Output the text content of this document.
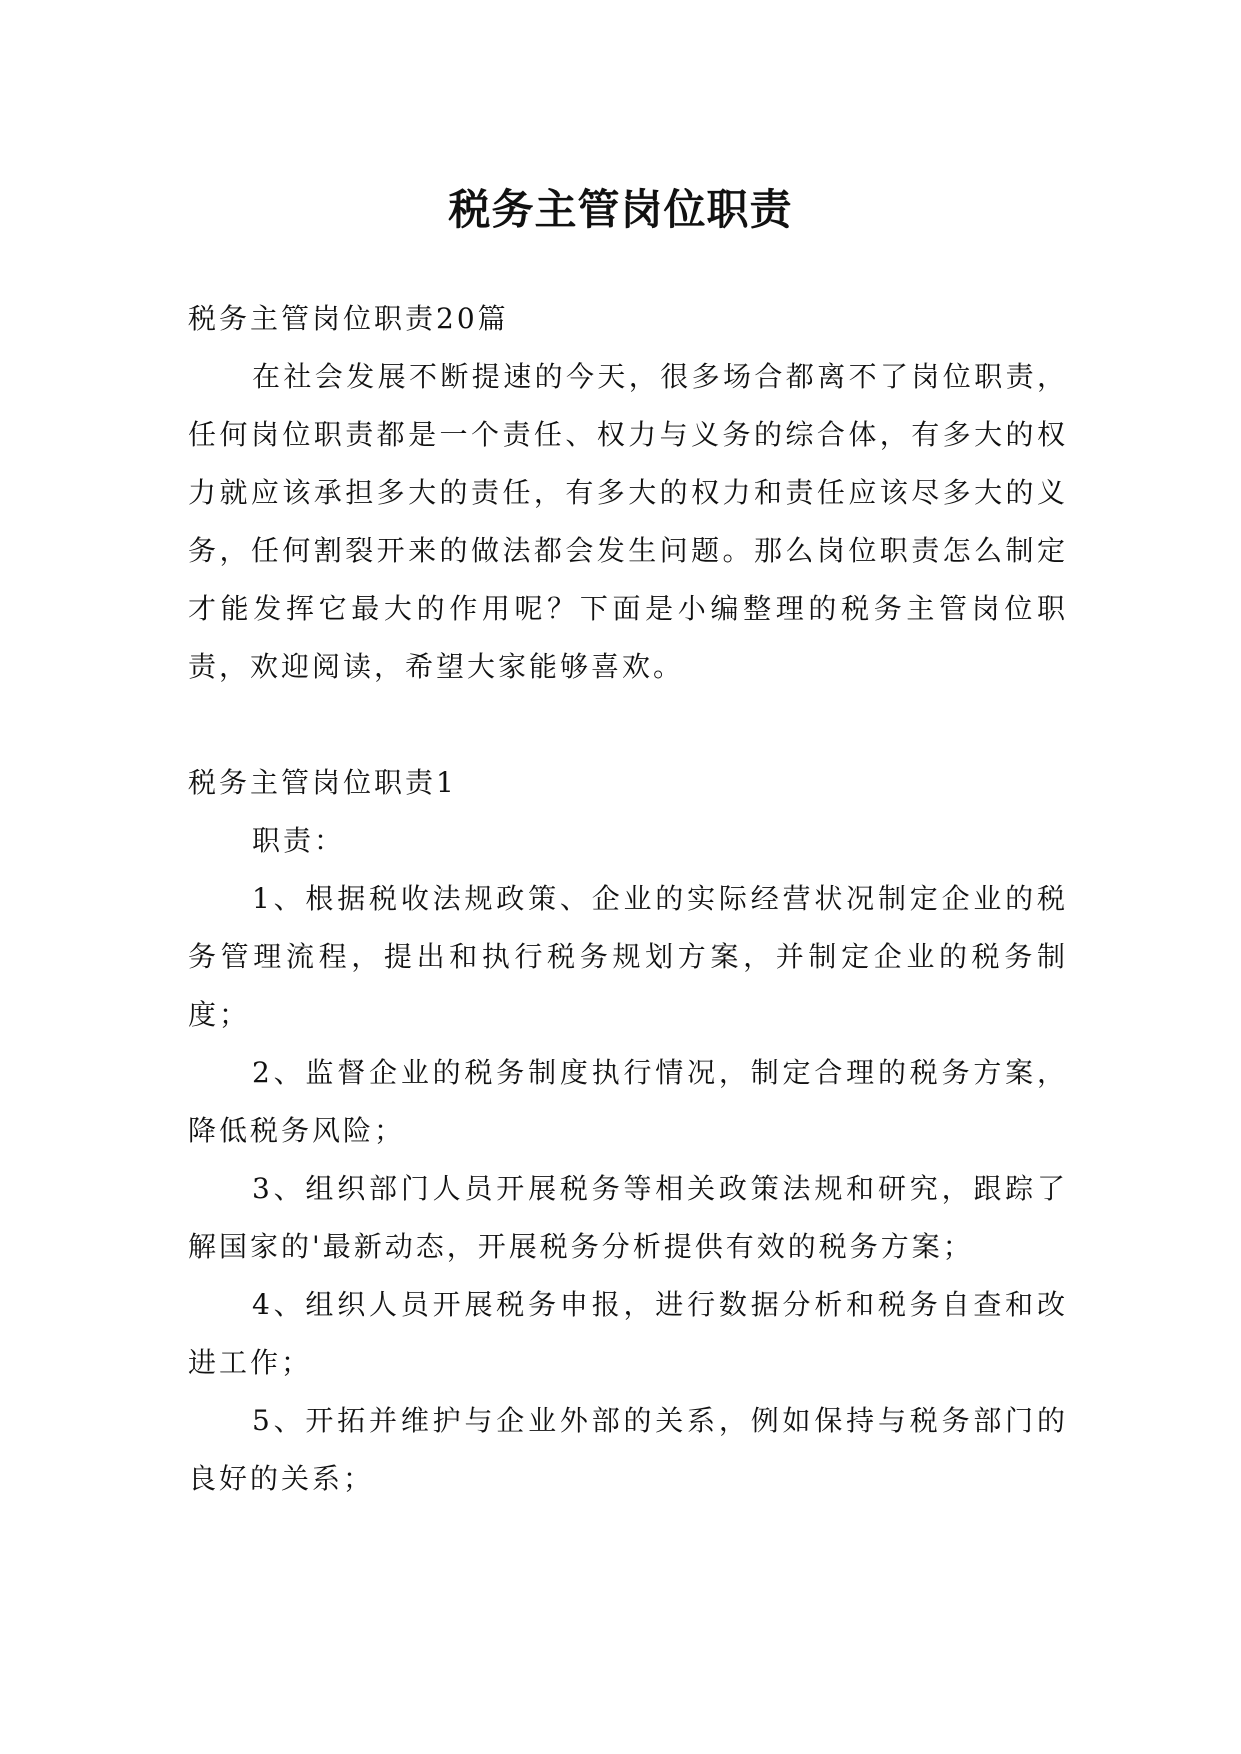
税务主管岗位职责

税务主管岗位职责20篇

在社会发展不断提速的今天，很多场合都离不了岗位职责，任何岗位职责都是一个责任、权力与义务的综合体，有多大的权力就应该承担多大的责任，有多大的权力和责任应该尽多大的义务，任何割裂开来的做法都会发生问题。那么岗位职责怎么制定才能发挥它最大的作用呢？下面是小编整理的税务主管岗位职责，欢迎阅读，希望大家能够喜欢。

税务主管岗位职责1

职责：

1、根据税收法规政策、企业的实际经营状况制定企业的税务管理流程，提出和执行税务规划方案，并制定企业的税务制度；

2、监督企业的税务制度执行情况，制定合理的税务方案，降低税务风险；

3、组织部门人员开展税务等相关政策法规和研究，跟踪了解国家的'最新动态，开展税务分析提供有效的税务方案；

4、组织人员开展税务申报，进行数据分析和税务自查和改进工作；

5、开拓并维护与企业外部的关系，例如保持与税务部门的良好的关系；
